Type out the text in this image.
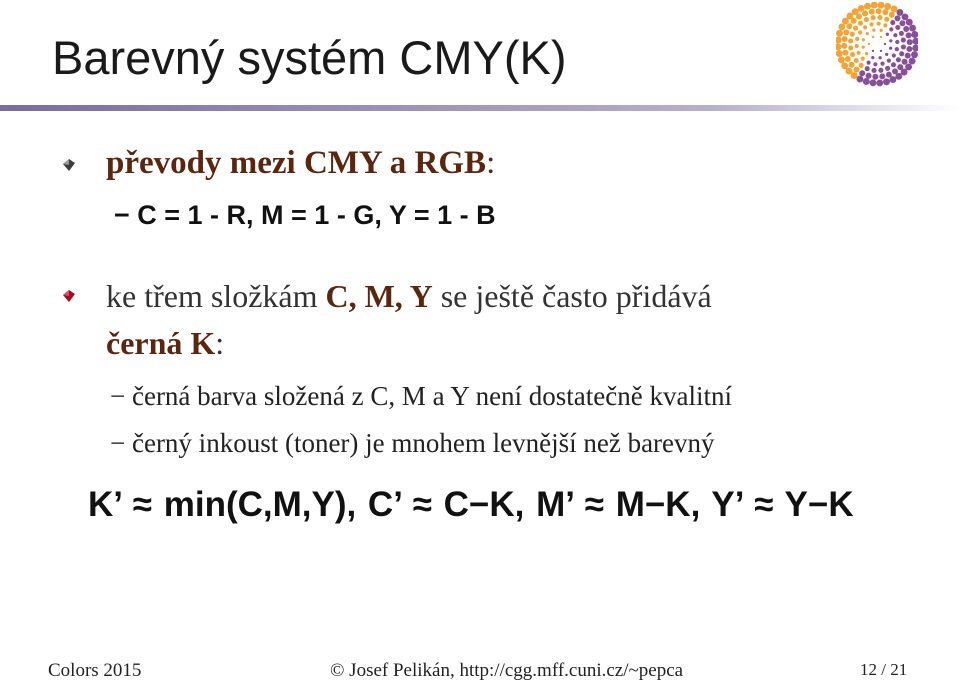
Barevný systém CMY(K)
převody mezi CMY a RGB:
− C = 1 - R, M = 1 - G, Y = 1 - B
ke třem složkám C, M, Y se ještě často přidává
černá K:
− černá barva složená z C, M a Y není dostatečně kvalitní
− černý inkoust (toner) je mnohem levnější než barevný
K’ ≈ min(C,M,Y), C’ ≈ C−K, M’ ≈ M−K, Y’ ≈ Y−K
Colors 2015	© Josef Pelikán, http://cgg.mff.cuni.cz/~pepca	12 / 21
